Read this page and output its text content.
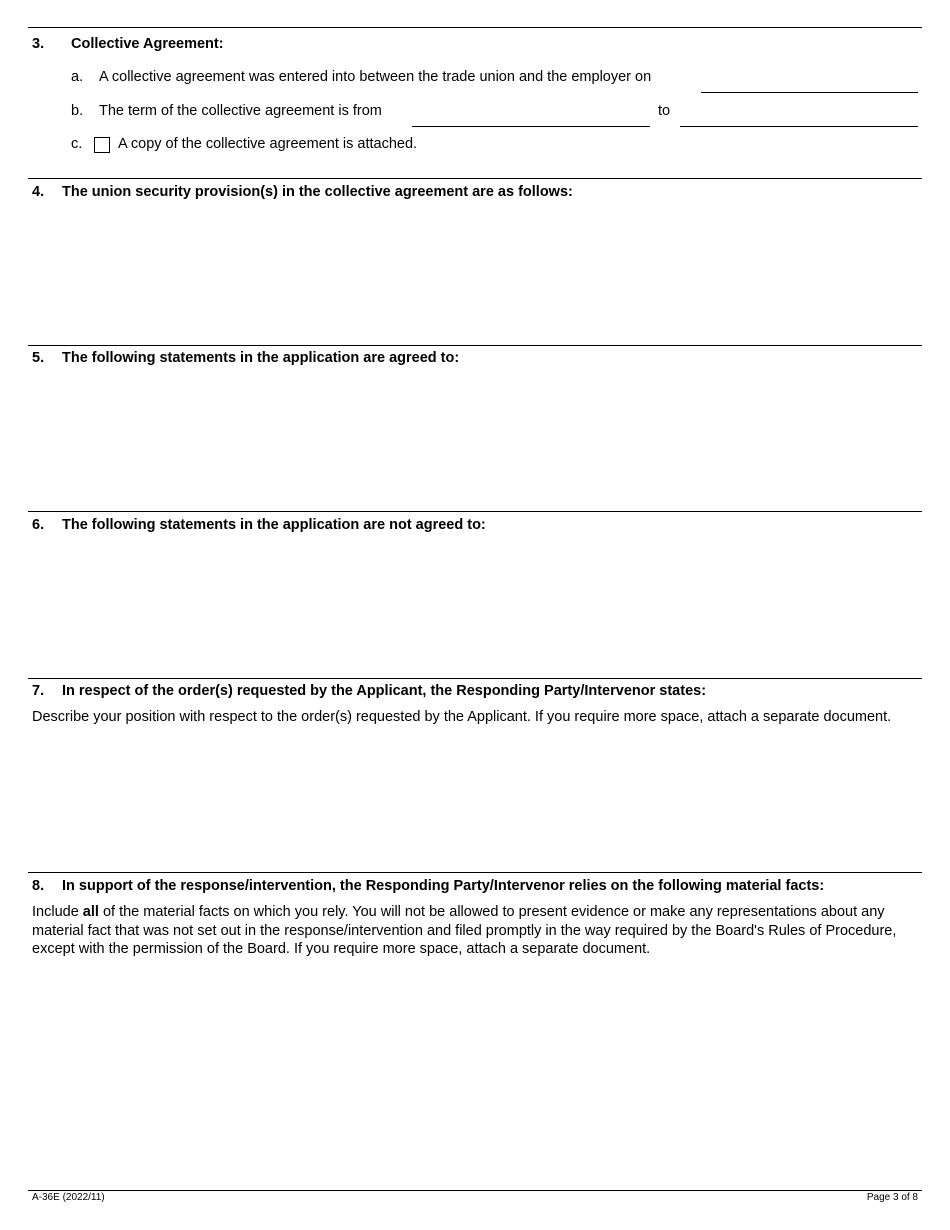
3. Collective Agreement:
a. A collective agreement was entered into between the trade union and the employer on
b. The term of the collective agreement is from	to
c. A copy of the collective agreement is attached.
4. The union security provision(s) in the collective agreement are as follows:
5. The following statements in the application are agreed to:
6. The following statements in the application are not agreed to:
7. In respect of the order(s) requested by the Applicant, the Responding Party/Intervenor states:
Describe your position with respect to the order(s) requested by the Applicant. If you require more space, attach a separate document.
8. In support of the response/intervention, the Responding Party/Intervenor relies on the following material facts:
Include all of the material facts on which you rely. You will not be allowed to present evidence or make any representations about any material fact that was not set out in the response/intervention and filed promptly in the way required by the Board's Rules of Procedure, except with the permission of the Board. If you require more space, attach a separate document.
A-36E (2022/11)	Page 3 of 8
